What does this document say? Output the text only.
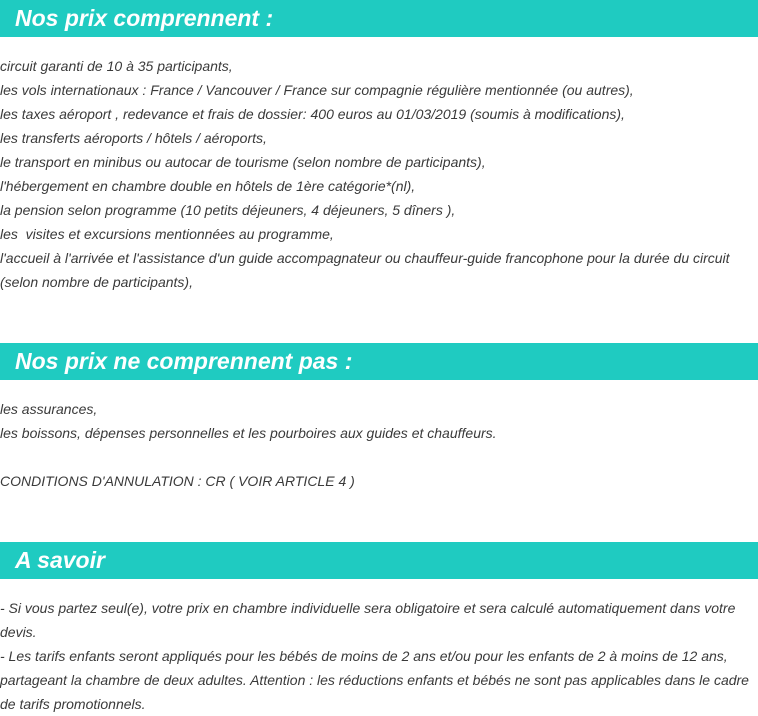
Nos prix comprennent :
circuit garanti de 10 à 35 participants,
les vols internationaux : France / Vancouver / France sur compagnie régulière mentionnée (ou autres),
les taxes aéroport , redevance et frais de dossier: 400 euros au 01/03/2019 (soumis à modifications),
les transferts aéroports / hôtels / aéroports,
le transport en minibus ou autocar de tourisme (selon nombre de participants),
l'hébergement en chambre double en hôtels de 1ère catégorie*(nl),
la pension selon programme (10 petits déjeuners, 4 déjeuners, 5 dîners ),
les  visites et excursions mentionnées au programme,
l'accueil à l'arrivée et l'assistance d'un guide accompagnateur ou chauffeur-guide francophone pour la durée du circuit
(selon nombre de participants),
Nos prix ne comprennent pas :
les assurances,
les boissons, dépenses personnelles et les pourboires aux guides et chauffeurs.
CONDITIONS D'ANNULATION : CR ( VOIR ARTICLE 4 )
A savoir
- Si vous partez seul(e), votre prix en chambre individuelle sera obligatoire et sera calculé automatiquement dans votre
devis.
- Les tarifs enfants seront appliqués pour les bébés de moins de 2 ans et/ou pour les enfants de 2 à moins de 12 ans,
partageant la chambre de deux adultes. Attention : les réductions enfants et bébés ne sont pas applicables dans le cadre
de tarifs promotionnels.
